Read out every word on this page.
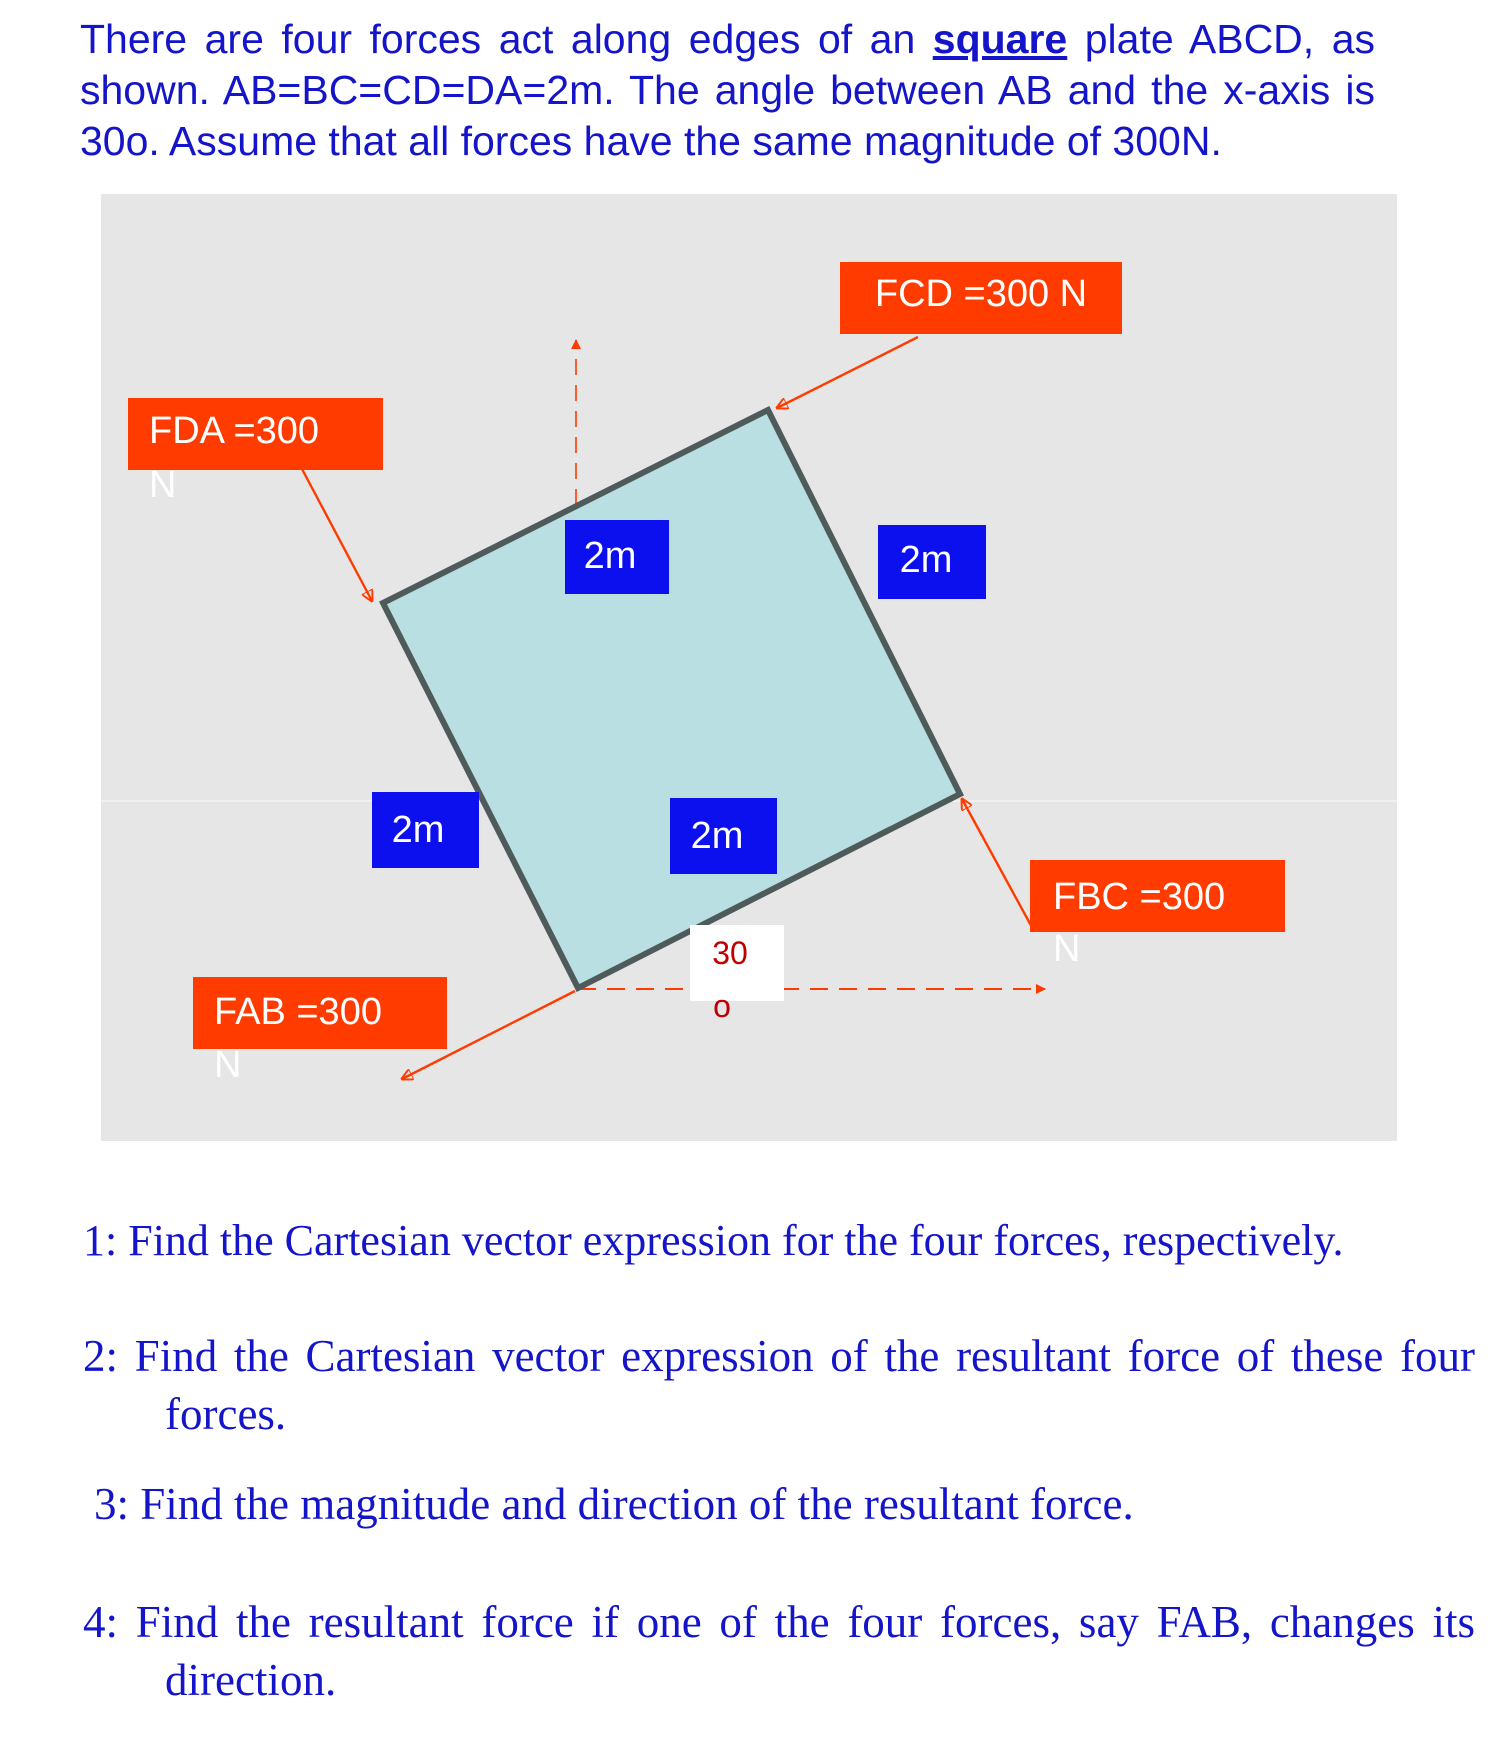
There are four forces act along edges of an square plate ABCD, as shown. AB=BC=CD=DA=2m. The angle between AB and the x-axis is 30o. Assume that all forces have the same magnitude of 300N.
FCD =300 N
FDA =300
N
FBC =300
N
FAB =300
N
2m	2m
2m
2m
30
o
1: Find the Cartesian vector expression for the four forces, respectively.
2: Find the Cartesian vector expression of the resultant force of these four forces.
3: Find the magnitude and direction of the resultant force.
4: Find the resultant force if one of the four forces, say FAB, changes its direction.
